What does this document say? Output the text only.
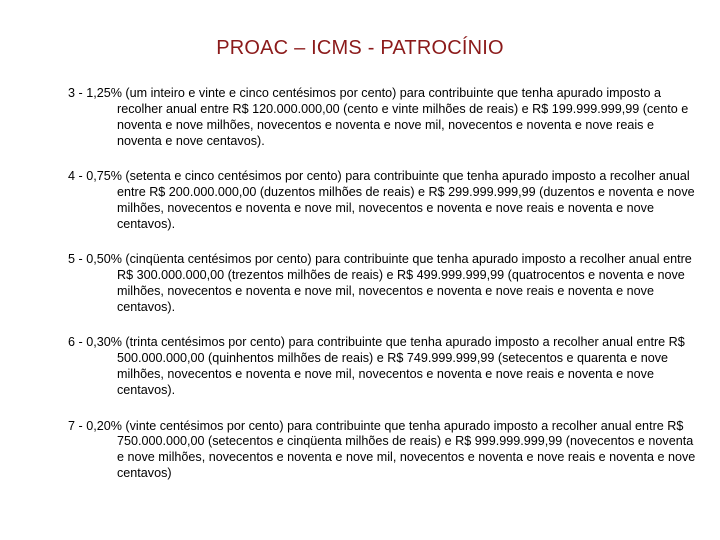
PROAC – ICMS - PATROCÍNIO

3 - 1,25% (um inteiro e vinte e cinco centésimos por cento) para contribuinte que tenha apurado imposto a recolher anual entre R$ 120.000.000,00 (cento e vinte milhões de reais) e R$ 199.999.999,99 (cento e noventa e nove milhões, novecentos e noventa e nove mil, novecentos e noventa e nove reais e noventa e nove centavos).

4 - 0,75% (setenta e cinco centésimos por cento) para contribuinte que tenha apurado imposto a recolher anual entre R$ 200.000.000,00 (duzentos milhões de reais) e R$ 299.999.999,99 (duzentos e noventa e nove milhões, novecentos e noventa e nove mil, novecentos e noventa e nove reais e noventa e nove centavos).

5 - 0,50% (cinqüenta centésimos por cento) para contribuinte que tenha apurado imposto a recolher anual entre R$ 300.000.000,00 (trezentos milhões de reais) e R$ 499.999.999,99 (quatrocentos e noventa e nove milhões, novecentos e noventa e nove mil, novecentos e noventa e nove reais e noventa e nove centavos).

6 - 0,30% (trinta centésimos por cento) para contribuinte que tenha apurado imposto a recolher anual entre R$ 500.000.000,00 (quinhentos milhões de reais) e R$ 749.999.999,99 (setecentos e quarenta e nove milhões, novecentos e noventa e nove mil, novecentos e noventa e nove reais e noventa e nove centavos).

7 - 0,20% (vinte centésimos por cento) para contribuinte que tenha apurado imposto a recolher anual entre R$ 750.000.000,00 (setecentos e cinqüenta milhões de reais) e R$ 999.999.999,99 (novecentos e noventa e nove milhões, novecentos e noventa e nove mil, novecentos e noventa e nove reais e noventa e nove centavos)
